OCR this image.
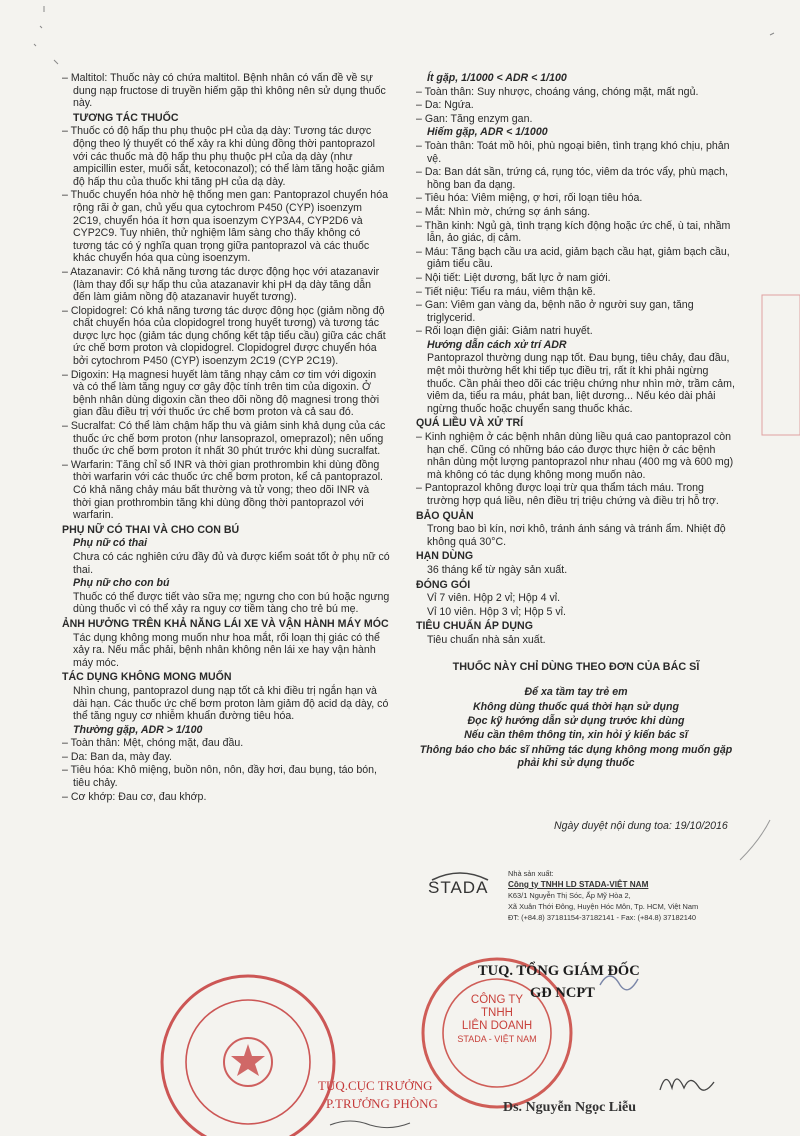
– Maltitol: Thuốc này có chứa maltitol. Bệnh nhân có vấn đề về sự dung nạp fructose di truyền hiếm gặp thì không nên sử dụng thuốc này.

TƯƠNG TÁC THUỐC

– Thuốc có độ hấp thu phụ thuộc pH của dạ dày: Tương tác dược động theo lý thuyết có thể xảy ra khi dùng đồng thời pantoprazol với các thuốc mà độ hấp thu phụ thuộc pH của dạ dày (như ampicillin ester, muối sắt, ketoconazol); có thể làm tăng hoặc giảm độ hấp thu của thuốc khi tăng pH của dạ dày.

– Thuốc chuyển hóa nhờ hệ thống men gan: Pantoprazol chuyển hóa rộng rãi ở gan, chủ yếu qua cytochrom P450 (CYP) isoenzym 2C19, chuyển hóa ít hơn qua isoenzym CYP3A4, CYP2D6 và CYP2C9. Tuy nhiên, thử nghiệm lâm sàng cho thấy không có tương tác có ý nghĩa quan trọng giữa pantoprazol và các thuốc khác chuyển hóa qua cùng isoenzym.

– Atazanavir: Có khả năng tương tác dược động học với atazanavir (làm thay đổi sự hấp thu của atazanavir khi pH dạ dày tăng dẫn đến làm giảm nồng độ atazanavir huyết tương).

– Clopidogrel: Có khả năng tương tác dược động học (giảm nồng độ chất chuyển hóa của clopidogrel trong huyết tương) và tương tác dược lực học (giảm tác dụng chống kết tập tiểu cầu) giữa các chất ức chế bơm proton và clopidogrel. Clopidogrel được chuyển hóa bởi cytochrom P450 (CYP) isoenzym 2C19 (CYP 2C19).

– Digoxin: Hạ magnesi huyết làm tăng nhạy cảm cơ tim với digoxin và có thể làm tăng nguy cơ gây độc tính trên tim của digoxin. Ở bệnh nhân dùng digoxin cần theo dõi nồng độ magnesi trong thời gian đầu điều trị với thuốc ức chế bơm proton và cả sau đó.

– Sucralfat: Có thể làm chậm hấp thu và giảm sinh khả dụng của các thuốc ức chế bơm proton (như lansoprazol, omeprazol); nên uống thuốc ức chế bơm proton ít nhất 30 phút trước khi dùng sucralfat.

– Warfarin: Tăng chỉ số INR và thời gian prothrombin khi dùng đồng thời warfarin với các thuốc ức chế bơm proton, kể cả pantoprazol. Có khả năng chảy máu bất thường và tử vong; theo dõi INR và thời gian prothrombin tăng khi dùng đồng thời pantoprazol với warfarin.

PHỤ NỮ CÓ THAI VÀ CHO CON BÚ

Phụ nữ có thai

Chưa có các nghiên cứu đầy đủ và được kiểm soát tốt ở phụ nữ có thai.

Phụ nữ cho con bú

Thuốc có thể được tiết vào sữa mẹ; ngưng cho con bú hoặc ngưng dùng thuốc vì có thể xảy ra nguy cơ tiềm tàng cho trẻ bú mẹ.

ẢNH HƯỞNG TRÊN KHẢ NĂNG LÁI XE VÀ VẬN HÀNH MÁY MÓC

Tác dụng không mong muốn như hoa mắt, rối loạn thị giác có thể xảy ra. Nếu mắc phải, bệnh nhân không nên lái xe hay vận hành máy móc.

TÁC DỤNG KHÔNG MONG MUỐN

Nhìn chung, pantoprazol dung nạp tốt cả khi điều trị ngắn hạn và dài hạn. Các thuốc ức chế bơm proton làm giảm độ acid dạ dày, có thể tăng nguy cơ nhiễm khuẩn đường tiêu hóa.

Thường gặp, ADR > 1/100

– Toàn thân: Mệt, chóng mặt, đau đầu.

– Da: Ban da, mày đay.

– Tiêu hóa: Khô miệng, buồn nôn, nôn, đầy hơi, đau bụng, táo bón, tiêu chảy.

– Cơ khớp: Đau cơ, đau khớp.

Ít gặp, 1/1000 < ADR < 1/100

– Toàn thân: Suy nhược, choáng váng, chóng mặt, mất ngủ.

– Da: Ngứa.

– Gan: Tăng enzym gan.

Hiếm gặp, ADR < 1/1000

– Toàn thân: Toát mồ hôi, phù ngoại biên, tình trạng khó chịu, phản vệ.

– Da: Ban dát sần, trứng cá, rụng tóc, viêm da tróc vẩy, phù mạch, hồng ban đa dạng.

– Tiêu hóa: Viêm miệng, ợ hơi, rối loạn tiêu hóa.

– Mắt: Nhìn mờ, chứng sợ ánh sáng.

– Thần kinh: Ngủ gà, tình trạng kích động hoặc ức chế, ù tai, nhầm lẫn, ảo giác, dị cảm.

– Máu: Tăng bạch cầu ưa acid, giảm bạch cầu hạt, giảm bạch cầu, giảm tiểu cầu.

– Nội tiết: Liệt dương, bất lực ở nam giới.

– Tiết niệu: Tiểu ra máu, viêm thận kẽ.

– Gan: Viêm gan vàng da, bệnh não ở người suy gan, tăng triglycerid.

– Rối loạn điện giải: Giảm natri huyết.

Hướng dẫn cách xử trí ADR

Pantoprazol thường dung nạp tốt. Đau bụng, tiêu chảy, đau đầu, mệt mỏi thường hết khi tiếp tục điều trị, rất ít khi phải ngừng thuốc. Cần phải theo dõi các triệu chứng như nhìn mờ, trầm cảm, viêm da, tiểu ra máu, phát ban, liệt dương... Nếu kéo dài phải ngừng thuốc hoặc chuyển sang thuốc khác.

QUÁ LIỀU VÀ XỬ TRÍ

– Kinh nghiệm ở các bệnh nhân dùng liều quá cao pantoprazol còn hạn chế. Cũng có những báo cáo được thực hiện ở các bệnh nhân dùng một lượng pantoprazol như nhau (400 mg và 600 mg) mà không có tác dụng không mong muốn nào.

– Pantoprazol không được loại trừ qua thẩm tách máu. Trong trường hợp quá liều, nên điều trị triệu chứng và điều trị hỗ trợ.

BẢO QUẢN

Trong bao bì kín, nơi khô, tránh ánh sáng và tránh ẩm. Nhiệt độ không quá 30°C.

HẠN DÙNG

36 tháng kể từ ngày sản xuất.

ĐÓNG GÓI

Vỉ 7 viên. Hộp 2 vỉ; Hộp 4 vỉ.

Vỉ 10 viên. Hộp 3 vỉ; Hộp 5 vỉ.

TIÊU CHUẨN ÁP DỤNG

Tiêu chuẩn nhà sản xuất.

THUỐC NÀY CHỈ DÙNG THEO ĐƠN CỦA BÁC SĨ

Để xa tầm tay trẻ em

Không dùng thuốc quá thời hạn sử dụng

Đọc kỹ hướng dẫn sử dụng trước khi dùng

Nếu cần thêm thông tin, xin hỏi ý kiến bác sĩ

Thông báo cho bác sĩ những tác dụng không mong muốn gặp phải khi sử dụng thuốc

Ngày duyệt nội dung toa: 19/10/2016
STADA
Nhà sản xuất:
Công ty TNHH LD STADA-VIỆT NAM
K63/1 Nguyễn Thị Sóc, Ấp Mỹ Hòa 2,
Xã Xuân Thới Đông, Huyện Hóc Môn, Tp. HCM, Việt Nam
ĐT: (+84.8) 37181154-37182141 - Fax: (+84.8) 37182140
TUQ.CỤC TRƯỞNG
P.TRƯỞNG PHÒNG
CÔNG TY
TNHH
LIÊN DOANH
STADA - VIỆT NAM
TUQ. TỔNG GIÁM ĐỐC
GĐ NCPT
Ds. Nguyễn Ngọc Liễu
